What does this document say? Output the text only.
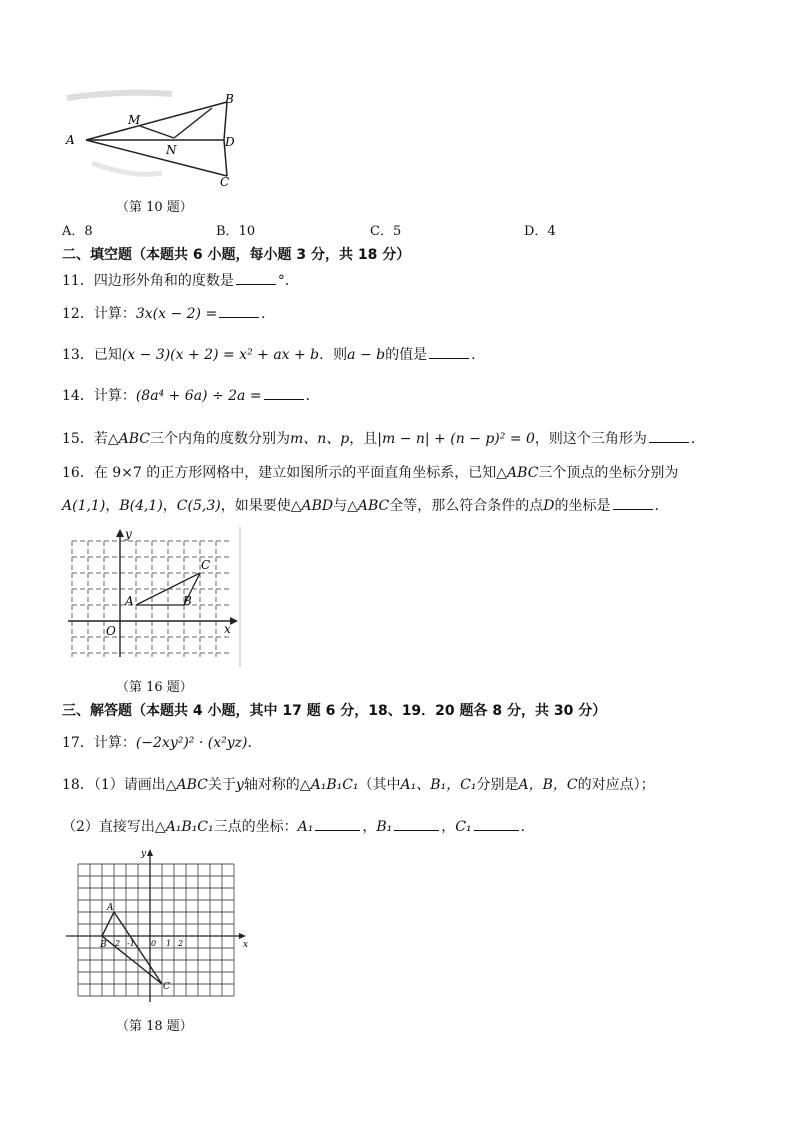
A
B
M
N
D
C
（第 10 题）
A．8	B．10	C．5	D．4
二、填空题（本题共 6 小题，每小题 3 分，共 18 分）
11．四边形外角和的度数是	°．
12．计算：3x(x − 2) =	．
13．已知(x − 3)(x + 2) = x² + ax + b．则a − b的值是	．
14．计算：(8a⁴ + 6a) ÷ 2a =	．
15．若△ABC三个内角的度数分别为m、n、p，且|m − n| + (n − p)² = 0，则这个三角形为	．
16．在 9×7 的正方形网格中，建立如图所示的平面直角坐标系，已知△ABC三个顶点的坐标分别为
A(1,1)，B(4,1)，C(5,3)，如果要使△ABD与△ABC全等，那么符合条件的点D的坐标是	．
y
x
O
A	B
C
（第 16 题）
三、解答题（本题共 4 小题，其中 17 题 6 分，18、19．20 题各 8 分，共 30 分）
17．计算：(−2xy²)² · (x²yz)．
18．（1）请画出△ABC关于y轴对称的△A₁B₁C₁（其中A₁、B₁，C₁分别是A，B，C的对应点）；
（2）直接写出△A₁B₁C₁三点的坐标：A₁	，B₁	，C₁	．
y
x
A
B
C
2 -1 0 1 2
（第 18 题）
